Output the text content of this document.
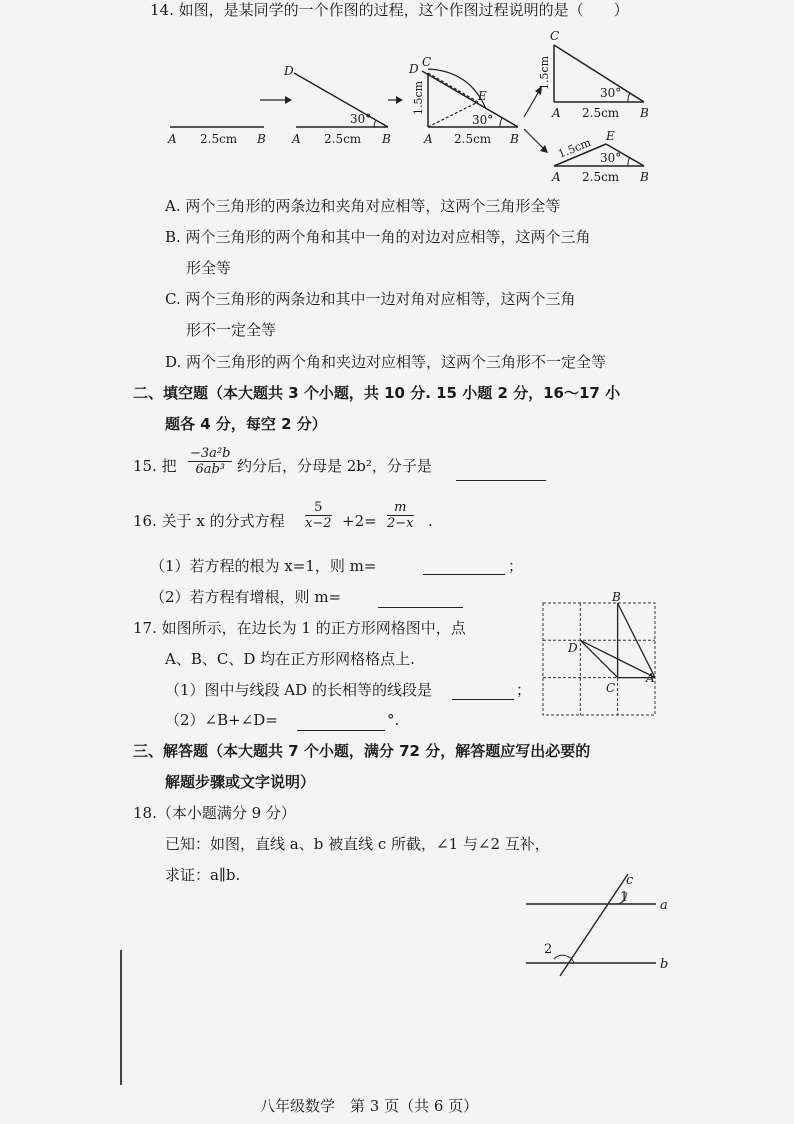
14. 如图，是某同学的一个作图的过程，这个作图过程说明的是（　　）
A 2.5cm B
30°
D
A 2.5cm B
30°
D C
E
1.5cm
A 2.5cm B
30°
C
1.5cm
A 2.5cm B
30°
E
1.5cm
A 2.5cm B
A. 两个三角形的两条边和夹角对应相等，这两个三角形全等
B. 两个三角形的两个角和其中一角的对边对应相等，这两个三角
形全等
C. 两个三角形的两条边和其中一边对角对应相等，这两个三角
形不一定全等
D. 两个三角形的两个角和夹边对应相等，这两个三角形不一定全等
二、填空题（本大题共 3 个小题，共 10 分. 15 小题 2 分，16～17 小
题各 4 分，每空 2 分）
15. 把 $\frac{\text{−3a²b}}{\text{6ab³}}$ 约分后，分母是 2b²，分子是
16. 关于 x 的分式方程 $\frac{5}{x-2} +2= \frac{m}{2-x}$ .
（1）若方程的根为 x=1，则 m=	；
（2）若方程有增根，则 m=
17. 如图所示，在边长为 1 的正方形网格图中，点
A、B、C、D 均在正方形网格格点上.
（1）图中与线段 AD 的长相等的线段是	；
（2）∠B+∠D=	°.
B
D
C
A
三、解答题（本大题共 7 个小题，满分 72 分，解答题应写出必要的
解题步骤或文字说明）
18.（本小题满分 9 分）
已知：如图，直线 a、b 被直线 c 所截，∠1 与∠2 互补，
求证：a∥b.	c
1
2
a
b
八年级数学　第 3 页（共 6 页）
